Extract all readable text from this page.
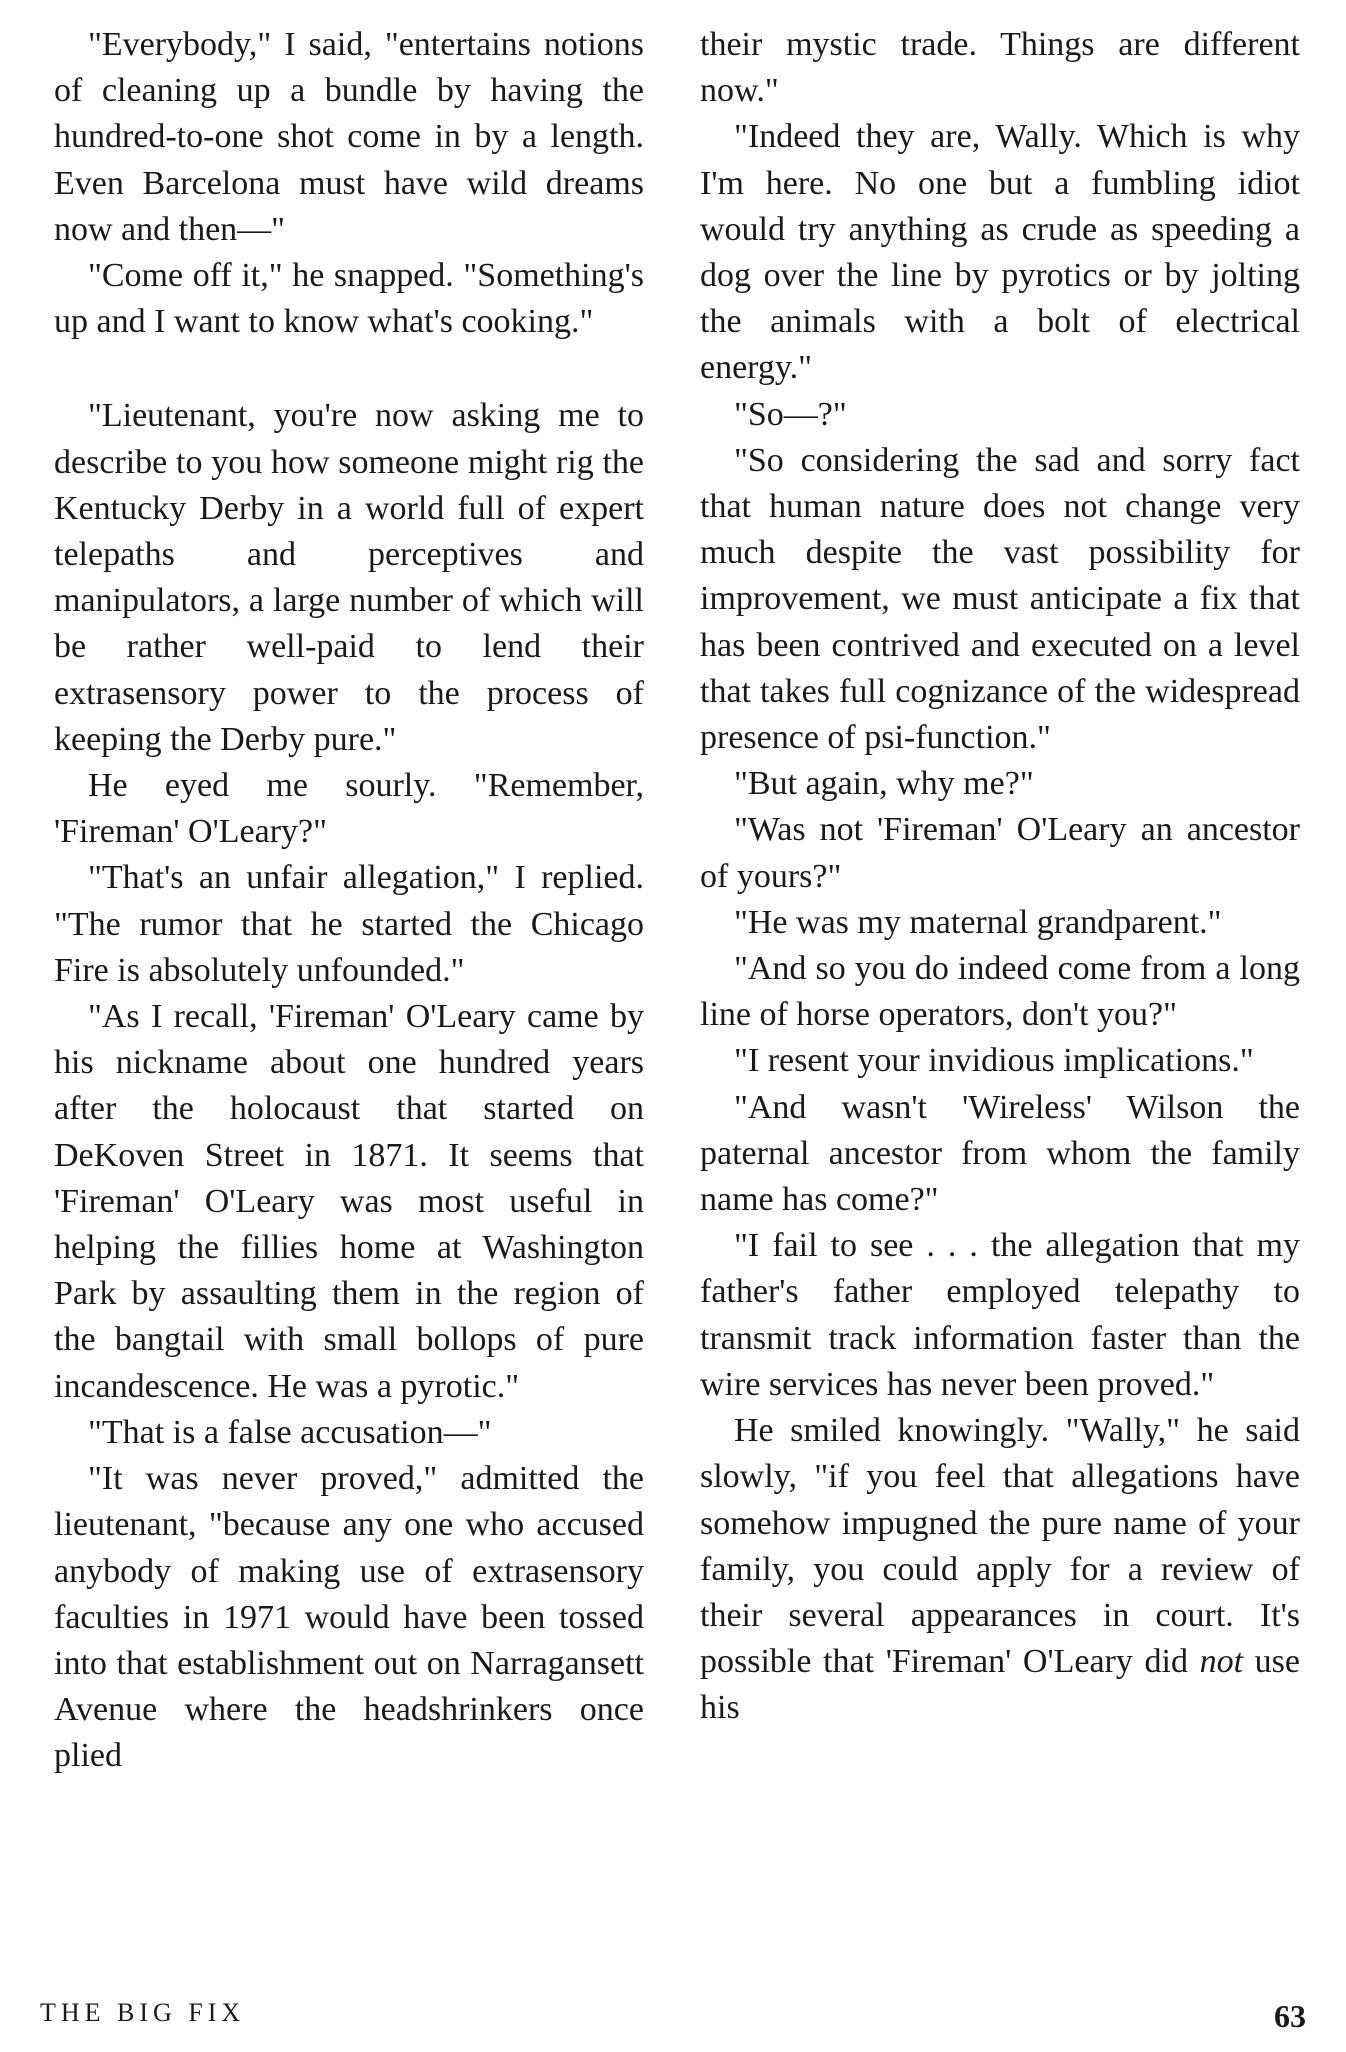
"Everybody," I said, "entertains notions of cleaning up a bundle by having the hundred-to-one shot come in by a length. Even Barcelona must have wild dreams now and then—"

"Come off it," he snapped. "Something's up and I want to know what's cooking."

"Lieutenant, you're now asking me to describe to you how someone might rig the Kentucky Derby in a world full of expert telepaths and perceptives and manipulators, a large number of which will be rather well-paid to lend their extrasensory power to the process of keeping the Derby pure."

He eyed me sourly. "Remember, 'Fireman' O'Leary?"

"That's an unfair allegation," I replied. "The rumor that he started the Chicago Fire is absolutely unfounded."

"As I recall, 'Fireman' O'Leary came by his nickname about one hundred years after the holocaust that started on DeKoven Street in 1871. It seems that 'Fireman' O'Leary was most useful in helping the fillies home at Washington Park by assaulting them in the region of the bangtail with small bollops of pure incandescence. He was a pyrotic."

"That is a false accusation—"

"It was never proved," admitted the lieutenant, "because any one who accused anybody of making use of extrasensory faculties in 1971 would have been tossed into that establishment out on Narragansett Avenue where the headshrinkers once plied

their mystic trade. Things are different now."

"Indeed they are, Wally. Which is why I'm here. No one but a fumbling idiot would try anything as crude as speeding a dog over the line by pyrotics or by jolting the animals with a bolt of electrical energy."

"So—?"

"So considering the sad and sorry fact that human nature does not change very much despite the vast possibility for improvement, we must anticipate a fix that has been contrived and executed on a level that takes full cognizance of the widespread presence of psi-function."

"But again, why me?"

"Was not 'Fireman' O'Leary an ancestor of yours?"

"He was my maternal grandparent."

"And so you do indeed come from a long line of horse operators, don't you?"

"I resent your invidious implications."

"And wasn't 'Wireless' Wilson the paternal ancestor from whom the family name has come?"

"I fail to see . . . the allegation that my father's father employed telepathy to transmit track information faster than the wire services has never been proved."

He smiled knowingly. "Wally," he said slowly, "if you feel that allegations have somehow impugned the pure name of your family, you could apply for a review of their several appearances in court. It's possible that 'Fireman' O'Leary did not use his

THE BIG FIX	63
